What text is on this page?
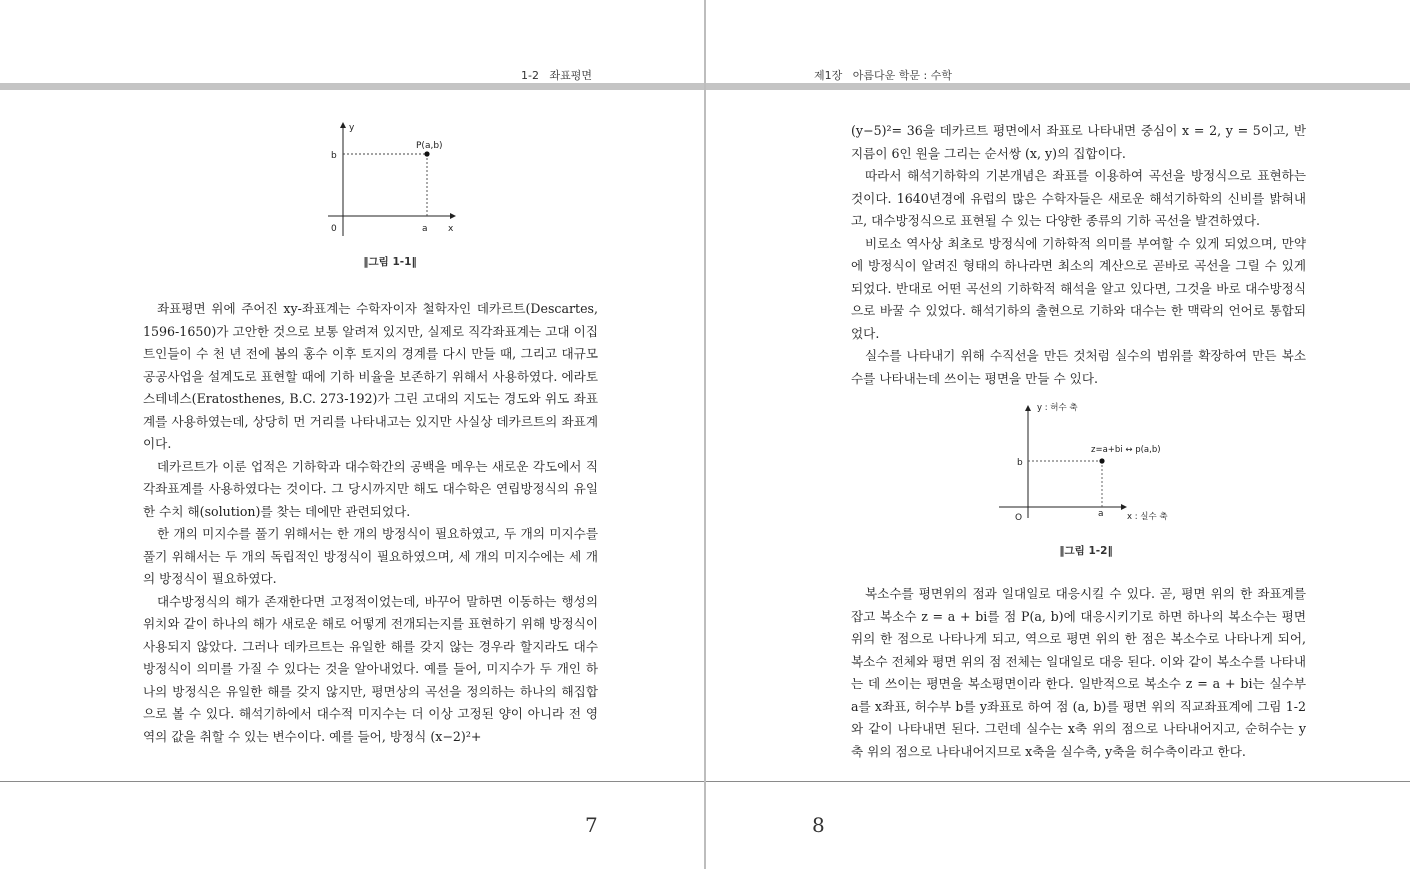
1-2   좌표평면
y
x
0	a
b
P(a,b)
‖그림 1-1‖

좌표평면 위에 주어진 xy-좌표계는 수학자이자 철학자인 데카르트(Descartes, 1596-1650)가 고안한 것으로 보통 알려져 있지만, 실제로 직각좌표계는 고대 이집트인들이 수 천 년 전에 봄의 홍수 이후 토지의 경계를 다시 만들 때, 그리고 대규모 공공사업을 설계도로 표현할 때에 기하 비율을 보존하기 위해서 사용하였다. 에라토스테네스(Eratosthenes, B.C. 273-192)가 그린 고대의 지도는 경도와 위도 좌표계를 사용하였는데, 상당히 먼 거리를 나타내고는 있지만 사실상 데카르트의 좌표계이다.

데카르트가 이룬 업적은 기하학과 대수학간의 공백을 메우는 새로운 각도에서 직각좌표계를 사용하였다는 것이다. 그 당시까지만 해도 대수학은 연립방정식의 유일한 수치 해(solution)를 찾는 데에만 관련되었다.

한 개의 미지수를 풀기 위해서는 한 개의 방정식이 필요하였고, 두 개의 미지수를 풀기 위해서는 두 개의 독립적인 방정식이 필요하였으며, 세 개의 미지수에는 세 개의 방정식이 필요하였다.

대수방정식의 해가 존재한다면 고정적이었는데, 바꾸어 말하면 이동하는 행성의 위치와 같이 하나의 해가 새로운 해로 어떻게 전개되는지를 표현하기 위해 방정식이 사용되지 않았다. 그러나 데카르트는 유일한 해를 갖지 않는 경우라 할지라도 대수방정식이 의미를 가질 수 있다는 것을 알아내었다. 예를 들어, 미지수가 두 개인 하나의 방정식은 유일한 해를 갖지 않지만, 평면상의 곡선을 정의하는 하나의 해집합으로 볼 수 있다. 해석기하에서 대수적 미지수는 더 이상 고정된 양이 아니라 전 영역의 값을 취할 수 있는 변수이다. 예를 들어, 방정식 (x−2)²+

7
제1장   아름다운 학문 : 수학

(y−5)²= 36을 데카르트 평면에서 좌표로 나타내면 중심이 x = 2, y = 5이고, 반지름이 6인 원을 그리는 순서쌍 (x, y)의 집합이다.

따라서 해석기하학의 기본개념은 좌표를 이용하여 곡선을 방정식으로 표현하는 것이다. 1640년경에 유럽의 많은 수학자들은 새로운 해석기하학의 신비를 밝혀내고, 대수방정식으로 표현될 수 있는 다양한 종류의 기하 곡선을 발견하였다.

비로소 역사상 최초로 방정식에 기하학적 의미를 부여할 수 있게 되었으며, 만약에 방정식이 알려진 형태의 하나라면 최소의 계산으로 곧바로 곡선을 그릴 수 있게 되었다. 반대로 어떤 곡선의 기하학적 해석을 알고 있다면, 그것을 바로 대수방정식으로 바꿀 수 있었다. 해석기하의 출현으로 기하와 대수는 한 맥락의 언어로 통합되었다.

실수를 나타내기 위해 수직선을 만든 것처럼 실수의 범위를 확장하여 만든 복소수를 나타내는데 쓰이는 평면을 만들 수 있다.

y : 허수 축
x : 실수 축
O	a
b
z=a+bi ↔ p(a,b)
‖그림 1-2‖

복소수를 평면위의 점과 일대일로 대응시킬 수 있다. 곧, 평면 위의 한 좌표계를 잡고 복소수 z = a + bi를 점 P(a, b)에 대응시키기로 하면 하나의 복소수는 평면 위의 한 점으로 나타나게 되고, 역으로 평면 위의 한 점은 복소수로 나타나게 되어, 복소수 전체와 평면 위의 점 전체는 일대일로 대응 된다. 이와 같이 복소수를 나타내는 데 쓰이는 평면을 복소평면이라 한다. 일반적으로 복소수 z = a + bi는 실수부 a를 x좌표, 허수부 b를 y좌표로 하여 점 (a, b)를 평면 위의 직교좌표계에 그림 1-2와 같이 나타내면 된다. 그런데 실수는 x축 위의 점으로 나타내어지고, 순허수는 y 축 위의 점으로 나타내어지므로 x축을 실수축, y축을 허수축이라고 한다.

8
